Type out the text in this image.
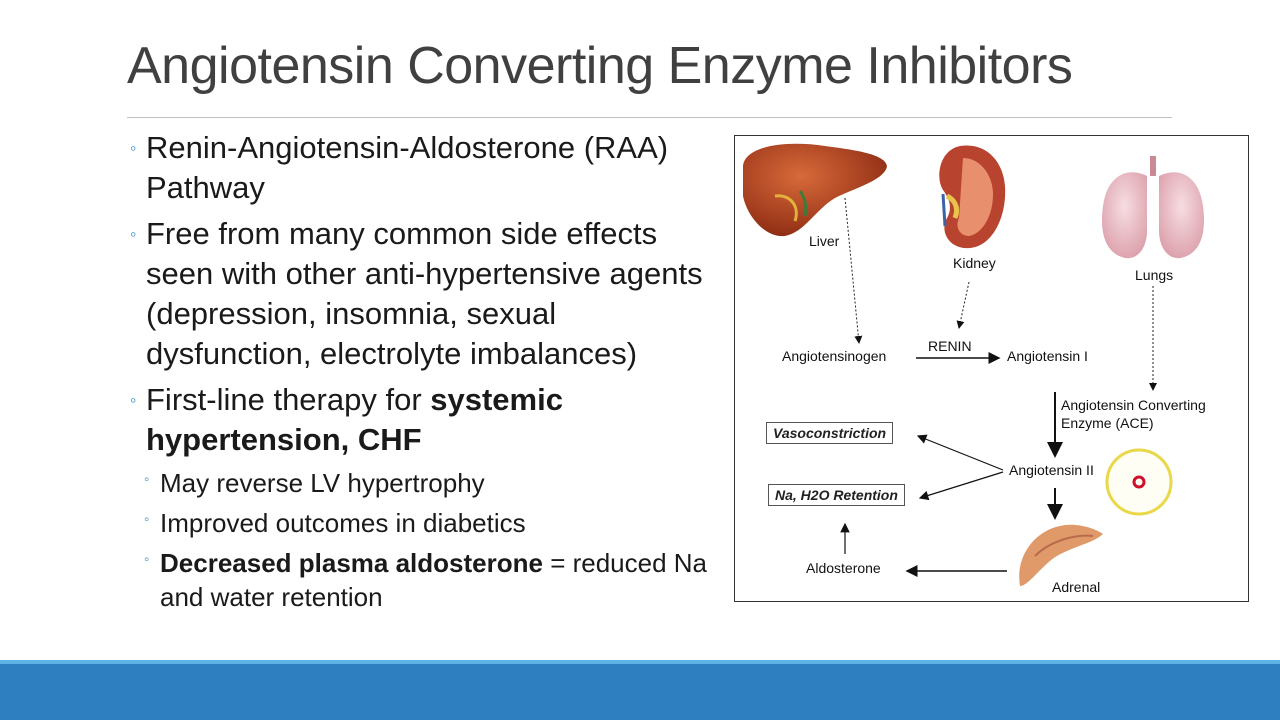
Angiotensin Converting Enzyme Inhibitors
◦ Renin-Angiotensin-Aldosterone (RAA) Pathway
◦ Free from many common side effects seen with other anti-hypertensive agents (depression, insomnia, sexual dysfunction, electrolyte imbalances)
◦ First-line therapy for systemic hypertension, CHF
◦ May reverse LV hypertrophy
◦ Improved outcomes in diabetics
◦ Decreased plasma aldosterone = reduced Na and water retention
Liver
Kidney
Lungs
Angiotensinogen
RENIN
Angiotensin I
Angiotensin Converting
Enzyme (ACE)
Angiotensin II
Vasoconstriction
Na, H2O Retention
Aldosterone
Adrenal
